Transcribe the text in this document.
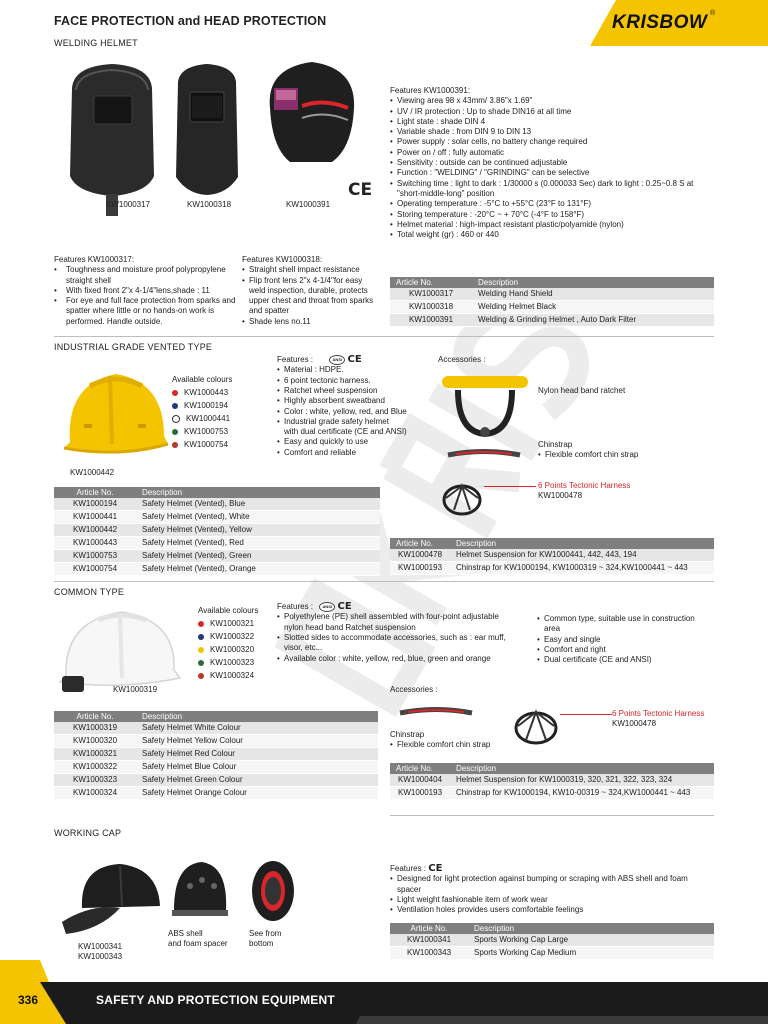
FACE PROTECTION and HEAD PROTECTION	KRISBOW ®
WELDING HELMET
KW1000317	KW1000318	KW1000391
CE
Features KW1000391:
• Viewing area 98 x 43mm/ 3.86"x 1.69"
• UV / IR protection : Up to shade DIN16 at all time
• Light state : shade DIN 4
• Variable shade : from DIN 9 to DIN 13
• Power supply : solar cells, no battery change required
• Power on / off : fully automatic
• Sensitivity : outside can be continued adjustable
• Function : "WELDING" / "GRINDING" can be selective
• Switching time : light to dark : 1/30000 s (0.000033 Sec) dark to light : 0.25~0.8 S at
"short-middle-long" position
• Operating temperature : -5°C to +55°C (23°F to 131°F)
• Storing temperature : -20°C ~ + 70°C (-4°F to 158°F)
• Helmet material : high-impact resistant plastic/polyamide (nylon)
• Total weight (gr) : 460 or 440
Features KW1000317:
• Toughness and moisture proof polypropylene straight shell
• With fixed front 2"x 4-1/4"lens,shade : 11
• For eye and full face protection from sparks and spatter where little or no hands-on work is performed. Handle outside.
Features KW1000318:
• Straight shell impact resistance
• Flip front lens 2"x 4-1/4"for easy weld inspection, durable, protects upper chest and throat from sparks and spatter
• Shade lens no.11
Article No.	Description
KW1000317	Welding Hand Shield
KW1000318	Welding Helmet Black
KW1000391	Welding & Grinding Helmet , Auto Dark Filter
INDUSTRIAL GRADE VENTED TYPE
KW1000442
Available colours
KW1000443
KW1000194
KW1000441
KW1000753
KW1000754
Features :	ANSI CE
• Material : HDPE.
• 6 point tectonic harness.
• Ratchet wheel suspension
• Highly absorbent sweatband
• Color : white, yellow, red, and Blue
• Industrial grade safety helmet
with dual certificate (CE and ANSI)
• Easy and quickly to use
• Comfort and reliable
Accessories :
Nylon head band ratchet
Chinstrap
• Flexible comfort chin strap
6 Points Tectonic Harness
KW1000478
Article No.	Description
KW1000194	Safety Helmet (Vented), Blue
KW1000441	Safety Helmet (Vented), White
KW1000442	Safety Helmet (Vented), Yellow
KW1000443	Safety Helmet (Vented), Red
KW1000753	Safety Helmet (Vented), Green
KW1000754	Safety Helmet (Vented), Orange
Article No.	Description
KW1000478	Helmet Suspension for KW1000441, 442, 443, 194
KW1000193	Chinstrap for KW1000194, KW1000319 ~ 324,KW1000441 ~ 443
COMMON TYPE
KW1000319
Available colours
KW1000321
KW1000322
KW1000320
KW1000323
KW1000324
Features : ANSI CE
• Polyethylene (PE) shell assembled with four-point adjustable
nylon head band Ratchet suspension
• Slotted sides to accommodate accessories, such as : ear muff,
visor, etc...
• Available color : white, yellow, red, blue, green and orange
• Common type, suitable use in construction
area
• Easy and single
• Comfort and right
• Dual certificate (CE and ANSI)
Accessories :
Chinstrap
• Flexible comfort chin strap
6 Points Tectonic Harness
KW1000478
Article No.	Description
KW1000319	Safety Helmet White Colour
KW1000320	Safety Helmet Yellow Colour
KW1000321	Safety Helmet Red Colour
KW1000322	Safety Helmet Blue Colour
KW1000323	Safety Helmet Green Colour
KW1000324	Safety Helmet Orange Colour
Article No.	Description
KW1000404	Helmet Suspension for KW1000319, 320, 321, 322, 323, 324
KW1000193	Chinstrap for KW1000194, KW10-00319 ~ 324,KW1000441 ~ 443
WORKING CAP
KW1000341
KW1000343
ABS shell
and foam spacer
See from
bottom
Features : CE
• Designed for light protection against bumping or scraping with ABS shell and foam
spacer
• Light weight fashionable item of work wear
• Ventilation holes provides users comfortable feelings
Article No.	Description
KW1000341	Sports Working Cap Large
KW1000343	Sports Working Cap Medium
336	SAFETY AND PROTECTION EQUIPMENT
